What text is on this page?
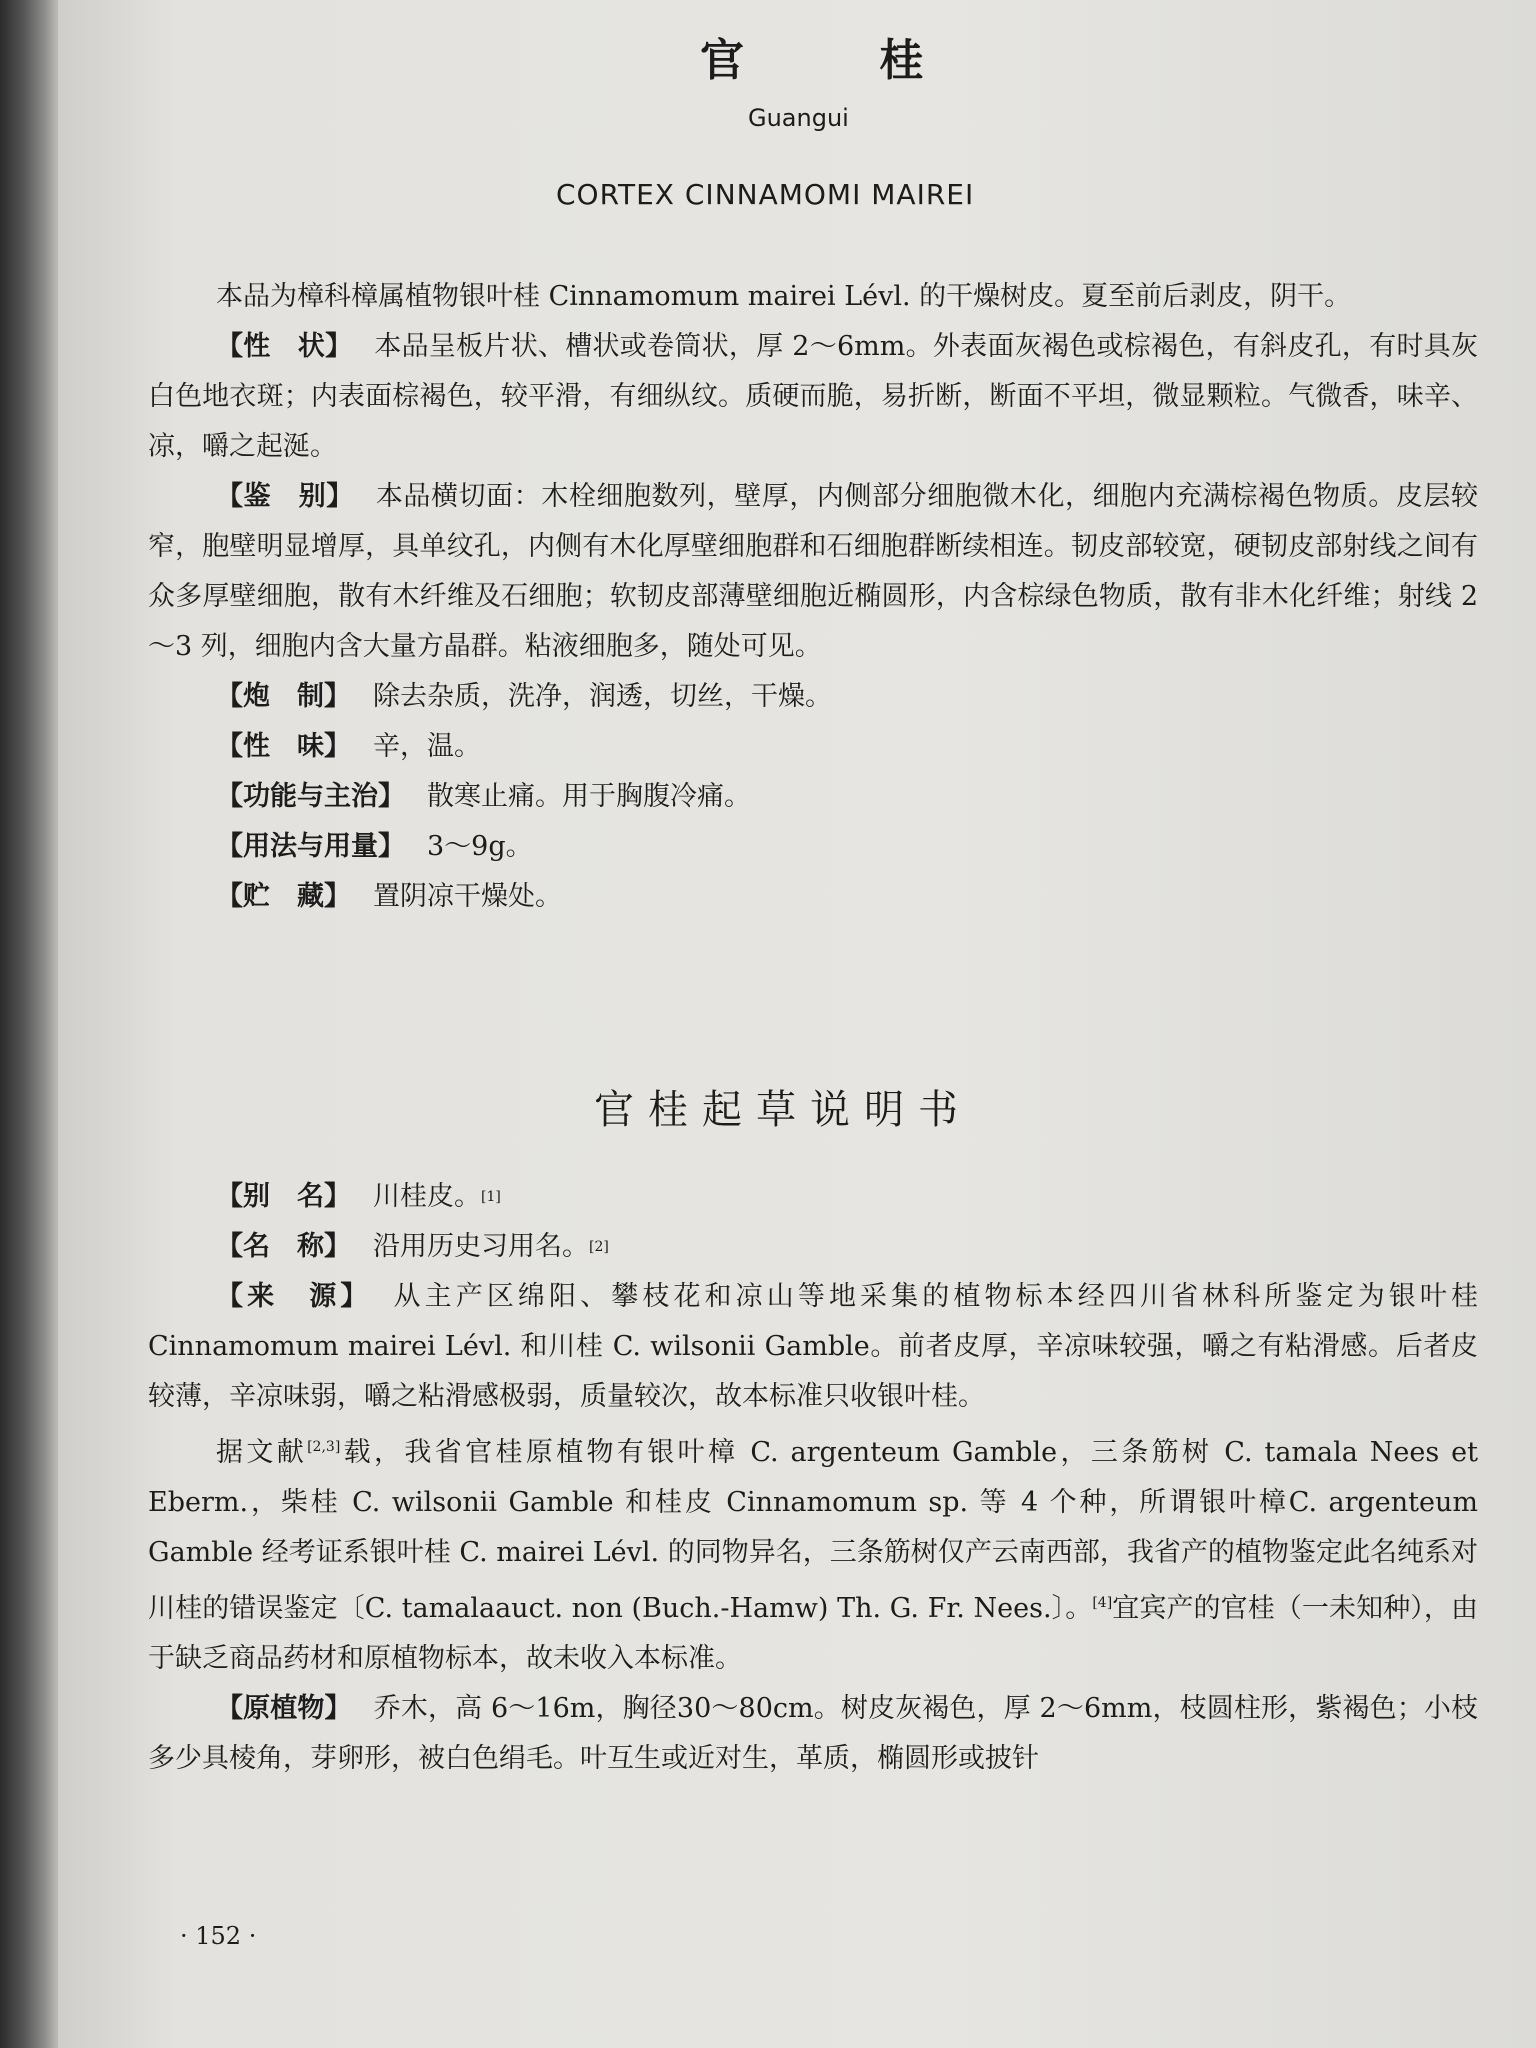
官 桂
Guangui
CORTEX CINNAMOMI MAIREI

本品为樟科樟属植物银叶桂 Cinnamomum mairei Lévl. 的干燥树皮。夏至前后剥皮，阴干。

【性　状】 本品呈板片状、槽状或卷筒状，厚 2～6mm。外表面灰褐色或棕褐色，有斜皮孔，有时具灰白色地衣斑；内表面棕褐色，较平滑，有细纵纹。质硬而脆，易折断，断面不平坦，微显颗粒。气微香，味辛、凉，嚼之起涎。

【鉴　别】 本品横切面：木栓细胞数列，壁厚，内侧部分细胞微木化，细胞内充满棕褐色物质。皮层较窄，胞壁明显增厚，具单纹孔，内侧有木化厚壁细胞群和石细胞群断续相连。韧皮部较宽，硬韧皮部射线之间有众多厚壁细胞，散有木纤维及石细胞；软韧皮部薄壁细胞近椭圆形，内含棕绿色物质，散有非木化纤维；射线 2～3 列，细胞内含大量方晶群。粘液细胞多，随处可见。

【炮　制】 除去杂质，洗净，润透，切丝，干燥。
【性　味】 辛，温。
【功能与主治】 散寒止痛。用于胸腹冷痛。
【用法与用量】 3～9g。
【贮　藏】 置阴凉干燥处。
官桂起草说明书
【别　名】 川桂皮。 [1]
【名　称】 沿用历史习用名。 [2]

【来　源】 从主产区绵阳、攀枝花和凉山等地采集的植物标本经四川省林科所鉴定为银叶桂 Cinnamomum mairei Lévl. 和川桂 C. wilsonii Gamble。前者皮厚，辛凉味较强，嚼之有粘滑感。后者皮较薄，辛凉味弱，嚼之粘滑感极弱，质量较次，故本标准只收银叶桂。

据文献[2,3]载，我省官桂原植物有银叶樟 C. argenteum Gamble，三条筋树 C. tamala Nees et Eberm.，柴桂 C. wilsonii Gamble 和桂皮 Cinnamomum sp. 等 4 个种，所谓银叶樟C. argenteum Gamble 经考证系银叶桂 C. mairei Lévl. 的同物异名，三条筋树仅产云南西部，我省产的植物鉴定此名纯系对川桂的错误鉴定〔C. tamalaauct. non (Buch.-Hamw) Th. G. Fr. Nees.〕。[4]宜宾产的官桂（一未知种），由于缺乏商品药材和原植物标本，故未收入本标准。

【原植物】 乔木，高 6～16m，胸径30～80cm。树皮灰褐色，厚 2～6mm，枝圆柱形，紫褐色；小枝多少具棱角，芽卵形，被白色绢毛。叶互生或近对生，革质，椭圆形或披针

· 152 ·
